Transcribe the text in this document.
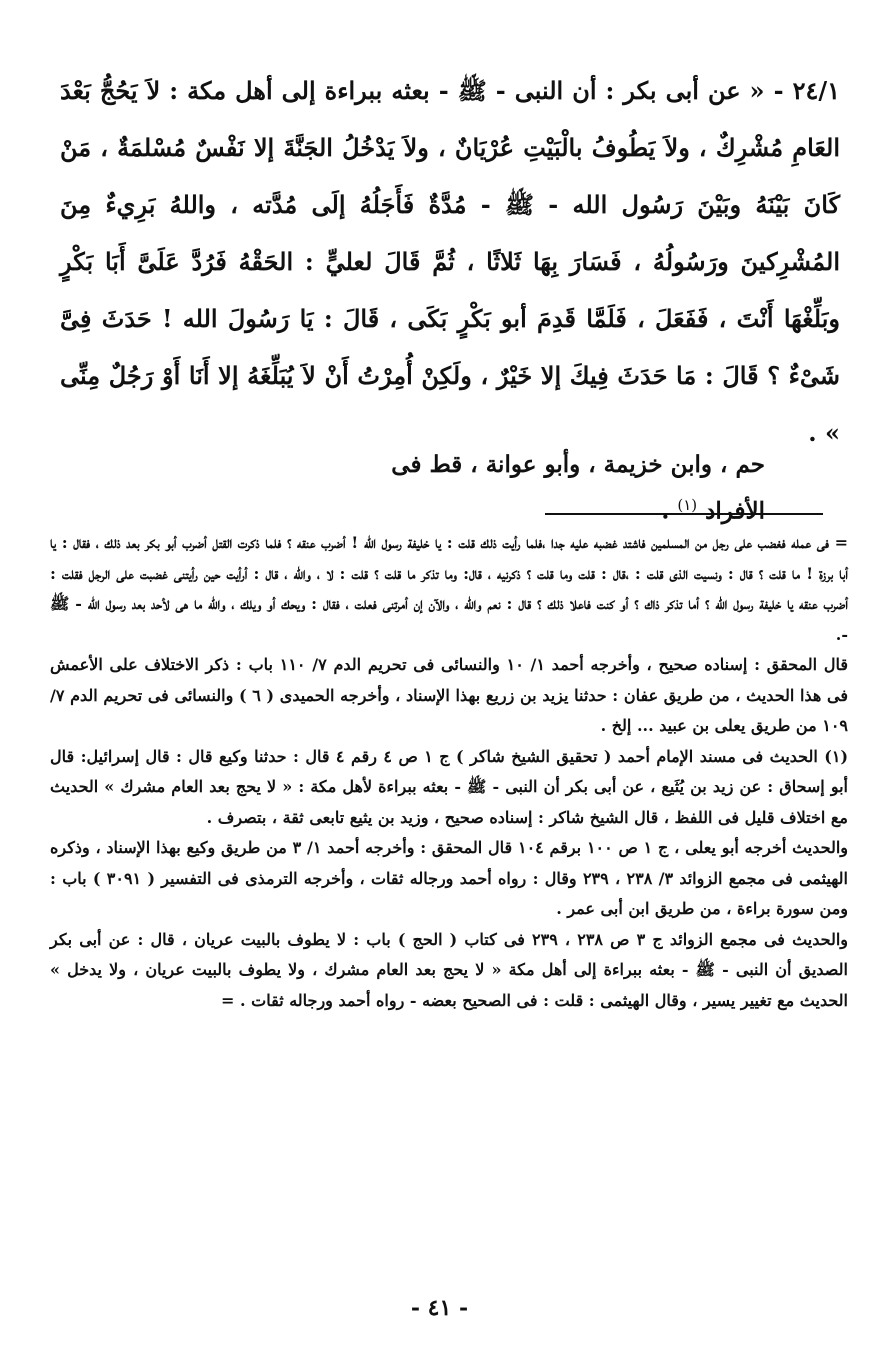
٢٤/١ - « عن أبى بكر : أن النبى - ﷺ - بعثه ببراءة إلى أهل مكة : لاَ يَحُجُّ بَعْدَ العَامِ مُشْرِكٌ ، ولاَ يَطُوفُ بالْبَيْتِ عُرْيَانٌ ، ولاَ يَدْخُلُ الجَنَّةَ إلا نَفْسٌ مُسْلمَةٌ ، مَنْ كَانَ بَيْنَهُ وبَيْنَ رَسُول الله - ﷺ - مُدَّةٌ فَأَجَلُهُ إلَى مُدَّته ، واللهُ بَرِيءٌ مِنَ المُشْرِكينَ ورَسُولُهُ ، فَسَارَ بِهَا ثَلاثًا ، ثُمَّ قَالَ لعليٍّ : الحَقْهُ فَرُدَّ عَلَىَّ أَبَا بَكْرٍ وبَلِّغْهَا أَنْتَ ، فَفَعَلَ ، فَلَمَّا قَدِمَ أبو بَكْرٍ بَكَى ، قَالَ : يَا رَسُولَ الله ! حَدَثَ فِىَّ شَىْءٌ ؟ قَالَ : مَا حَدَثَ فِيكَ إلا خَيْرٌ ، ولَكِنْ أُمِرْتُ أَنْ لاَ يُبَلِّغَهُ إلا أَنَا أَوْ رَجُلٌ مِنِّى » .

حم ، وابن خزيمة ، وأبو عوانة ، قط فى الأفراد $^{(١)}$ .

= فى عمله فغضب على رجل من المسلمين فاشتد غضبه عليه جدا ،فلما رأيت ذلك قلت : يا خليفة رسول الله ! أضرب عنقه ؟ فلما ذكرت القتل أضرب أبو بكر بعد ذلك ، فقال : يا أبا برزة ! ما قلت ؟ قال : ونسيت الذى قلت : ،قال : قلت وما قلت ؟ ذكرنيه ، قال: وما تذكر ما قلت ؟ قلت : لا ، والله ، قال : أرأيت حين رأيتنى غضبت على الرجل فقلت : أضرب عنقه يا خليفة رسول الله ؟ أما تذكر ذاك ؟ أو كنت فاعلا ذلك ؟ قال : نعم والله ، والآن إن أمرتنى فعلت ، فقال : ويحك أو ويلك ، والله ما هى لأحد بعد رسول الله - ﷺ -.

قال المحقق : إسناده صحيح ، وأخرجه أحمد ١/ ١٠ والنسائى فى تحريم الدم ٧/ ١١٠ باب : ذكر الاختلاف على الأعمش فى هذا الحديث ، من طريق عفان : حدثنا يزيد بن زريع بهذا الإسناد ، وأخرجه الحميدى ( ٦ ) والنسائى فى تحريم الدم ٧/ ١٠٩ من طريق يعلى بن عبيد ... إلخ .

(١) الحديث فى مسند الإمام أحمد ( تحقيق الشيخ شاكر ) ج ١ ص ٤ رقم ٤ قال : حدثنا وكيع قال : قال إسرائيل: قال أبو إسحاق : عن زيد بن يُثَيع ، عن أبى بكر أن النبى - ﷺ - بعثه ببراءة لأهل مكة : « لا يحج بعد العام مشرك » الحديث مع اختلاف قليل فى اللفظ ، قال الشيخ شاكر : إسناده صحيح ، وزيد بن يثيع تابعى ثقة ، بتصرف .

والحديث أخرجه أبو يعلى ، ج ١ ص ١٠٠ برقم ١٠٤ قال المحقق : وأخرجه أحمد ١/ ٣ من طريق وكيع بهذا الإسناد ، وذكره الهيثمى فى مجمع الزوائد ٣/ ٢٣٨ ، ٢٣٩ وقال : رواه أحمد ورجاله ثقات ، وأخرجه الترمذى فى التفسير ( ٣٠٩١ ) باب : ومن سورة براءة ، من طريق ابن أبى عمر .

والحديث فى مجمع الزوائد ج ٣ ص ٢٣٨ ، ٢٣٩ فى كتاب ( الحج ) باب : لا يطوف بالبيت عريان ، قال : عن أبى بكر الصديق أن النبى - ﷺ - بعثه ببراءة إلى أهل مكة « لا يحج بعد العام مشرك ، ولا يطوف بالبيت عريان ، ولا يدخل » الحديث مع تغيير يسير ، وقال الهيثمى : قلت : فى الصحيح بعضه - رواه أحمد ورجاله ثقات . =

- ٤١ -
